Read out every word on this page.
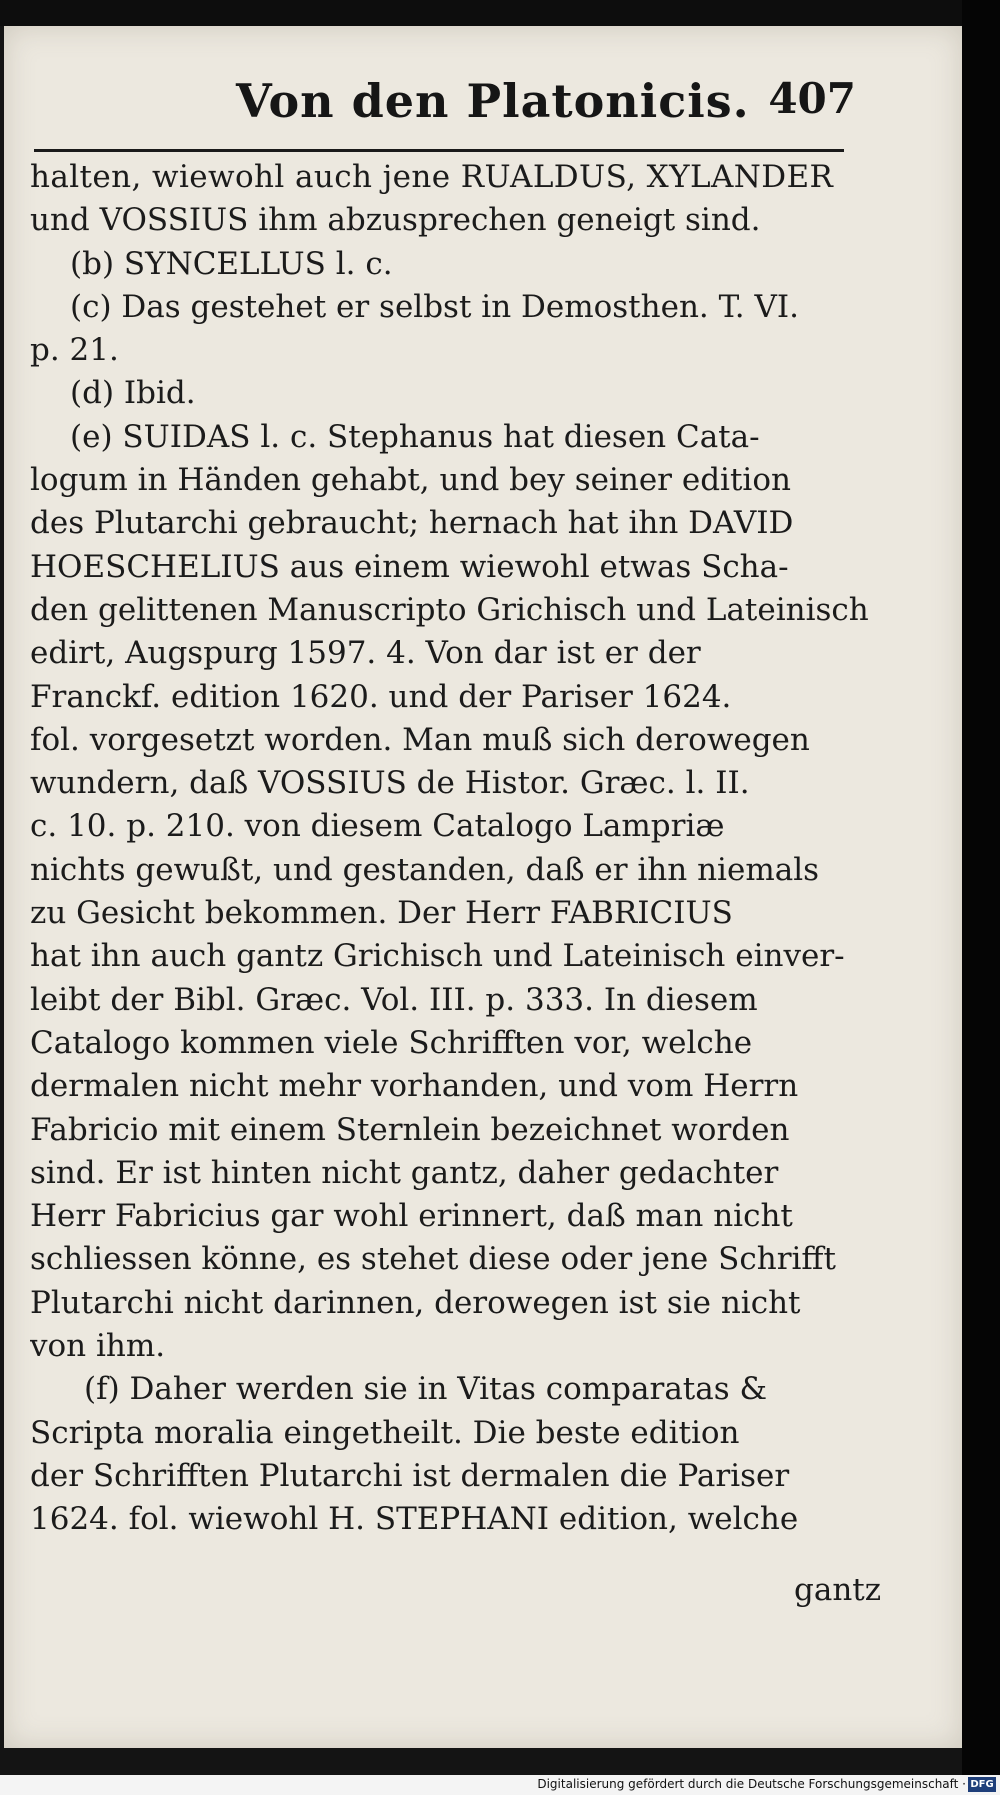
Von den Platonicis. 407
halten, wiewohl auch jene RUALDUS, XYLANDER
und VOSSIUS ihm abzusprechen geneigt sind.
(b) SYNCELLUS l. c.
(c) Das gestehet er selbst in Demosthen. T. VI.
p. 21.
(d) Ibid.
(e) SUIDAS l. c. Stephanus hat diesen Cata-
logum in Händen gehabt, und bey seiner edition
des Plutarchi gebraucht; hernach hat ihn DAVID
HOESCHELIUS aus einem wiewohl etwas Scha-
den gelittenen Manuscripto Grichisch und Lateinisch
edirt, Augspurg 1597. 4. Von dar ist er der
Franckf. edition 1620. und der Pariser 1624.
fol. vorgesetzt worden. Man muß sich derowegen
wundern, daß VOSSIUS de Histor. Græc. l. II.
c. 10. p. 210. von diesem Catalogo Lampriæ
nichts gewußt, und gestanden, daß er ihn niemals
zu Gesicht bekommen. Der Herr FABRICIUS
hat ihn auch gantz Grichisch und Lateinisch einver-
leibt der Bibl. Græc. Vol. III. p. 333. In diesem
Catalogo kommen viele Schrifften vor, welche
dermalen nicht mehr vorhanden, und vom Herrn
Fabricio mit einem Sternlein bezeichnet worden
sind. Er ist hinten nicht gantz, daher gedachter
Herr Fabricius gar wohl erinnert, daß man nicht
schliessen könne, es stehet diese oder jene Schrifft
Plutarchi nicht darinnen, derowegen ist sie nicht
von ihm.
(f) Daher werden sie in Vitas comparatas &
Scripta moralia eingetheilt. Die beste edition
der Schrifften Plutarchi ist dermalen die Pariser
1624. fol. wiewohl H. STEPHANI edition, welche
gantz
Digitalisierung gefördert durch die Deutsche Forschungsgemeinschaft · DFG
